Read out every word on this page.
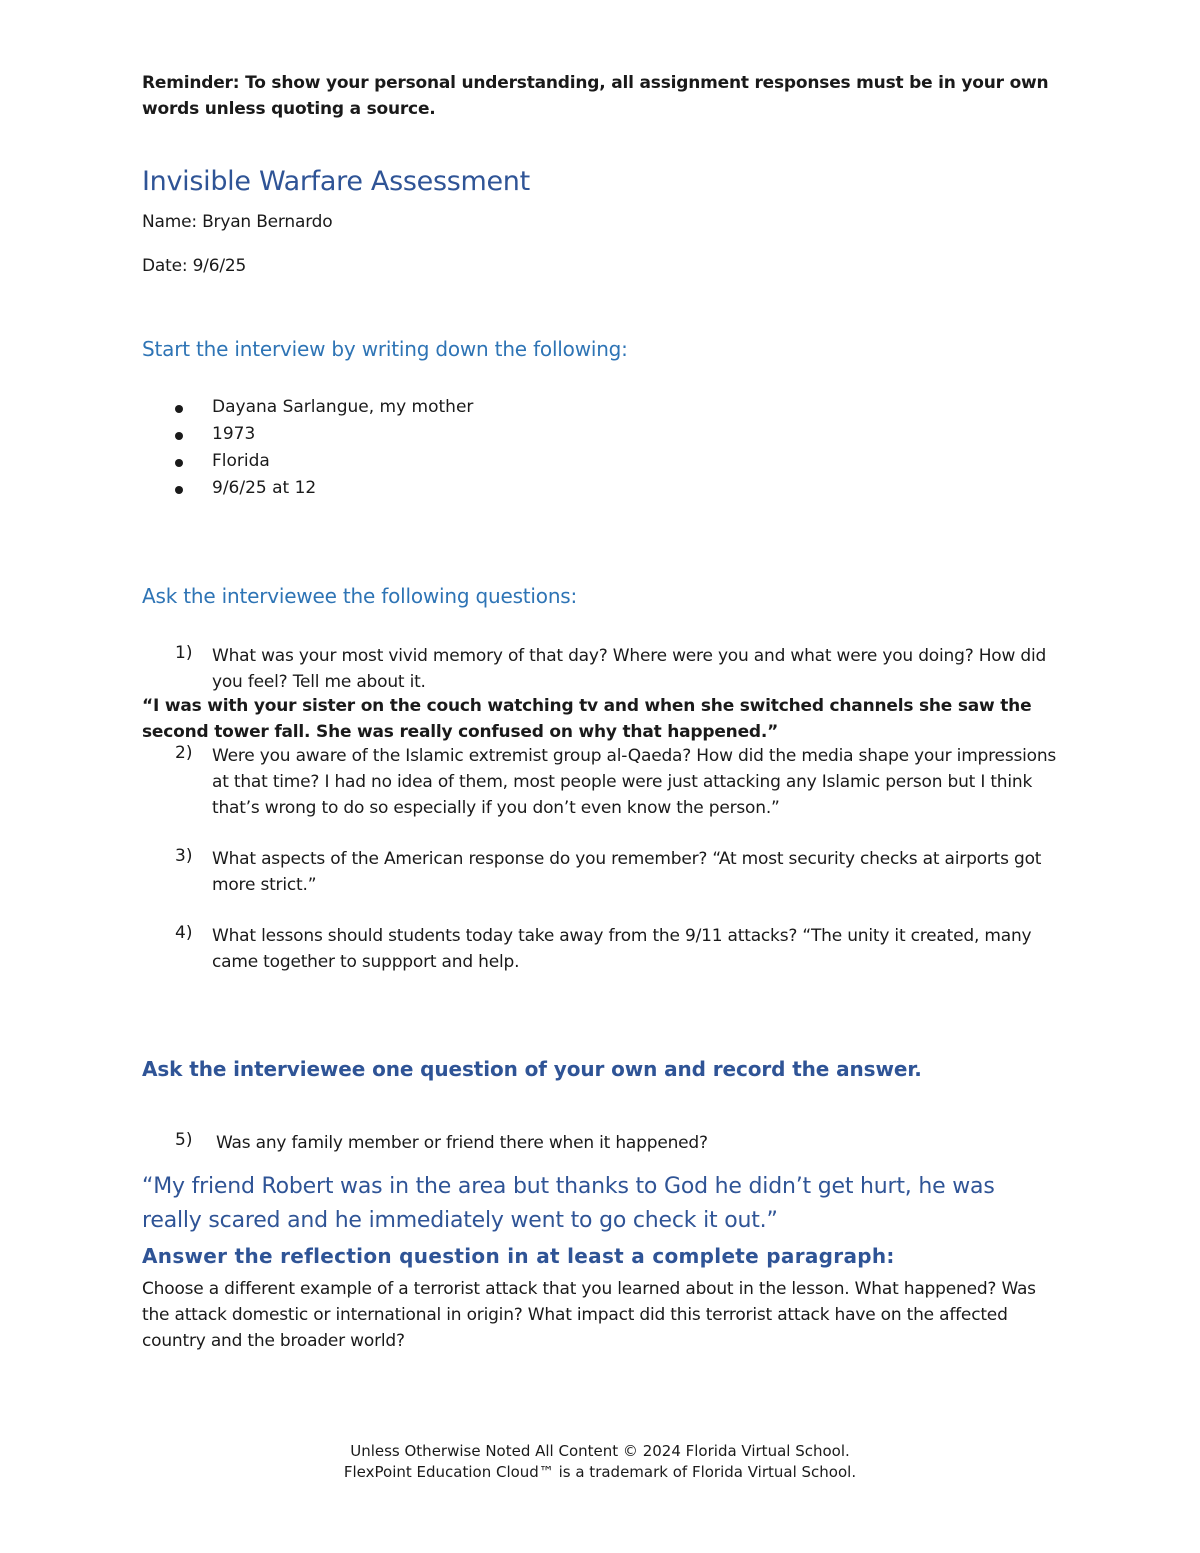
Reminder: To show your personal understanding, all assignment responses must be in your own words unless quoting a source.
Invisible Warfare Assessment
Name: Bryan Bernardo
Date: 9/6/25
Start the interview by writing down the following:
Dayana Sarlangue, my mother
1973
Florida
9/6/25 at 12
Ask the interviewee the following questions:
1) What was your most vivid memory of that day? Where were you and what were you doing? How did you feel? Tell me about it.
“I was with your sister on the couch watching tv and when she switched channels she saw the second tower fall. She was really confused on why that happened.”
2) Were you aware of the Islamic extremist group al-Qaeda? How did the media shape your impressions at that time? I had no idea of them, most people were just attacking any Islamic person but I think that’s wrong to do so especially if you don’t even know the person.”
3) What aspects of the American response do you remember? “At most security checks at airports got more strict.”
4) What lessons should students today take away from the 9/11 attacks? “The unity it created, many came together to suppport and help.
Ask the interviewee one question of your own and record the answer.
5) Was any family member or friend there when it happened?
“My friend Robert was in the area but thanks to God he didn’t get hurt, he was really scared and he immediately went to go check it out.”
Answer the reflection question in at least a complete paragraph:
Choose a different example of a terrorist attack that you learned about in the lesson. What happened? Was the attack domestic or international in origin? What impact did this terrorist attack have on the affected country and the broader world?
Unless Otherwise Noted All Content © 2024 Florida Virtual School.
FlexPoint Education Cloud™ is a trademark of Florida Virtual School.
